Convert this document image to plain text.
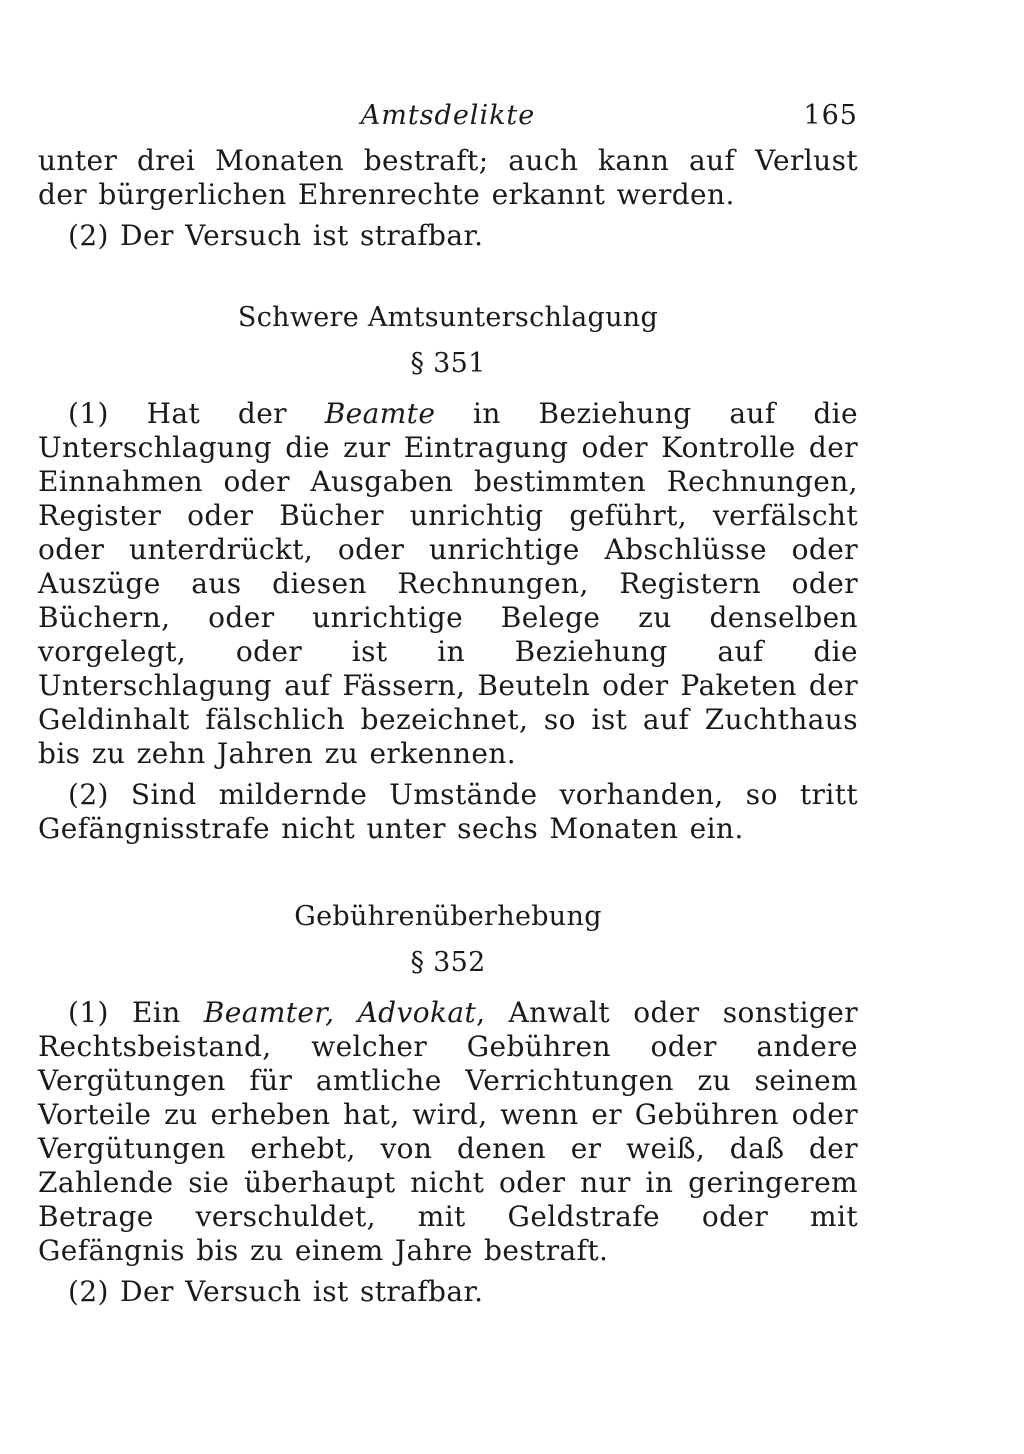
Amtsdelikte	165

unter drei Monaten bestraft; auch kann auf Verlust der bürgerlichen Ehrenrechte erkannt werden.

(2) Der Versuch ist strafbar.

Schwere Amtsunterschlagung
§ 351

(1) Hat der Beamte in Beziehung auf die Unterschlagung die zur Eintragung oder Kontrolle der Einnahmen oder Ausgaben bestimmten Rechnungen, Register oder Bücher unrichtig geführt, verfälscht oder unterdrückt, oder unrichtige Abschlüsse oder Auszüge aus diesen Rechnungen, Registern oder Büchern, oder unrichtige Belege zu denselben vorgelegt, oder ist in Beziehung auf die Unterschlagung auf Fässern, Beuteln oder Paketen der Geldinhalt fälschlich bezeichnet, so ist auf Zuchthaus bis zu zehn Jahren zu erkennen.

(2) Sind mildernde Umstände vorhanden, so tritt Gefängnisstrafe nicht unter sechs Monaten ein.

Gebührenüberhebung
§ 352

(1) Ein Beamter, Advokat, Anwalt oder sonstiger Rechtsbeistand, welcher Gebühren oder andere Vergütungen für amtliche Verrichtungen zu seinem Vorteile zu erheben hat, wird, wenn er Gebühren oder Vergütungen erhebt, von denen er weiß, daß der Zahlende sie überhaupt nicht oder nur in geringerem Betrage verschuldet, mit Geldstrafe oder mit Gefängnis bis zu einem Jahre bestraft.

(2) Der Versuch ist strafbar.
